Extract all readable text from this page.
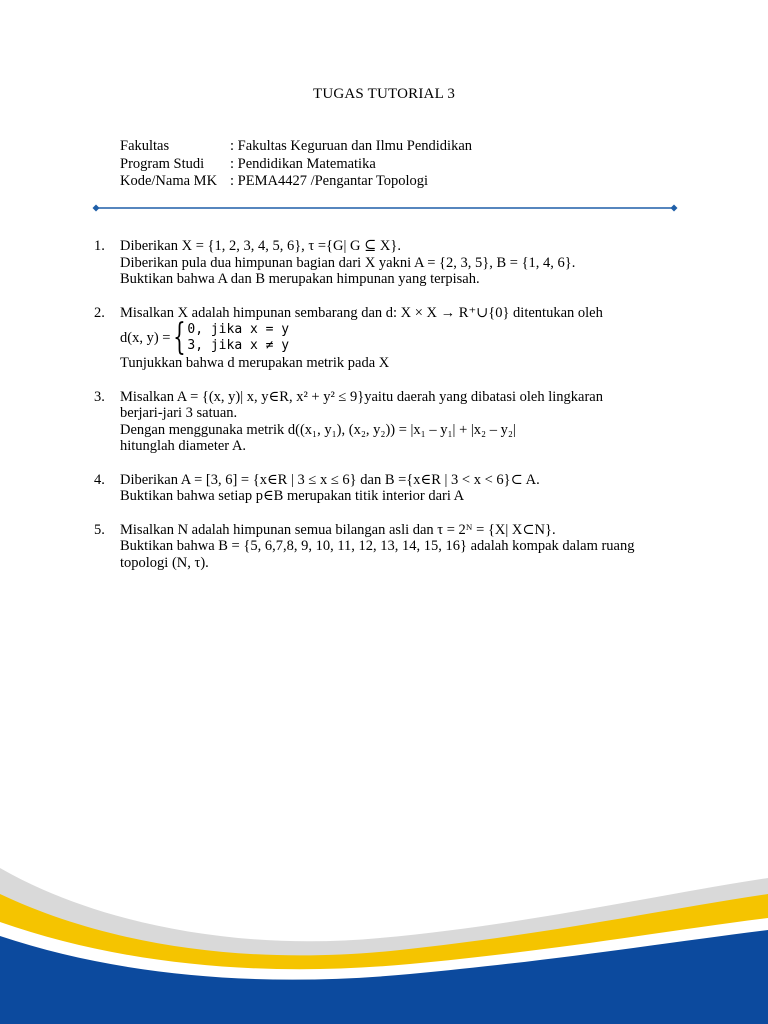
TUGAS TUTORIAL 3
Fakultas	: Fakultas Keguruan dan Ilmu Pendidikan
Program Studi	: Pendidikan Matematika
Kode/Nama MK : PEMA4427 /Pengantar Topologi
1.	Diberikan X = {1, 2, 3, 4, 5, 6}, τ ={G| G ⊆ X}.
Diberikan pula dua himpunan bagian dari X yakni A = {2, 3, 5}, B = {1, 4, 6}.
Buktikan bahwa A dan B merupakan himpunan yang terpisah.
2.	Misalkan X adalah himpunan sembarang dan d: X × X → R⁺∪{0} ditentukan oleh
d(x, y) = { 0, jika x = y
3, jika x ≠ y
Tunjukkan bahwa d merupakan metrik pada X
3.	Misalkan A = {(x, y)| x, y∈R, x² + y² ≤ 9}yaitu daerah yang dibatasi oleh lingkaran
berjari-jari 3 satuan.
Dengan menggunaka metrik d((x₁, y₁), (x₂, y₂)) = |x₁ – y₁| + |x₂ – y₂|
hitunglah diameter A.
4.	Diberikan A = [3, 6] = {x∈R | 3 ≤ x ≤ 6} dan B ={x∈R | 3 < x < 6}⊂ A.
Buktikan bahwa setiap p∈B merupakan titik interior dari A
5.	Misalkan N adalah himpunan semua bilangan asli dan τ = 2ᴺ = {X| X⊂N}.
Buktikan bahwa B = {5, 6,7,8, 9, 10, 11, 12, 13, 14, 15, 16} adalah kompak dalam ruang
topologi (N, τ).
